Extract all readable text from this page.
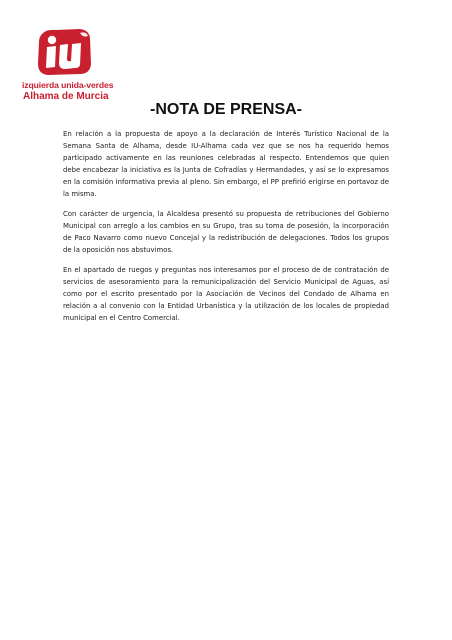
izquierda unida-verdes
Alhama de Murcia
-NOTA DE PRENSA-

En relación a la propuesta de apoyo a la declaración de Interés Turístico Nacional de la Semana Santa de Alhama, desde IU-Alhama cada vez que se nos ha requerido hemos participado activamente en las reuniones celebradas al respecto. Entendemos que quien debe encabezar la iniciativa es la Junta de Cofradías y Hermandades, y así se lo expresamos en la comisión informativa previa al pleno. Sin embargo, el PP prefirió erigirse en portavoz de la misma.

Con carácter de urgencia, la Alcaldesa presentó su propuesta de retribuciones del Gobierno Municipal con arreglo a los cambios en su Grupo, tras su toma de posesión, la incorporación de Paco Navarro como nuevo Concejal y la redistribución de delegaciones. Todos los grupos de la oposición nos abstuvimos.

En el apartado de ruegos y preguntas nos interesamos por el proceso de de contratación de servicios de asesoramiento para la remunicipalización del Servicio Municipal de Aguas, así como por el escrito presentado por la Asociación de Vecinos del Condado de Alhama en relación a al convenio con la Entidad Urbanística y la utilización de los locales de propiedad municipal en el Centro Comercial.
